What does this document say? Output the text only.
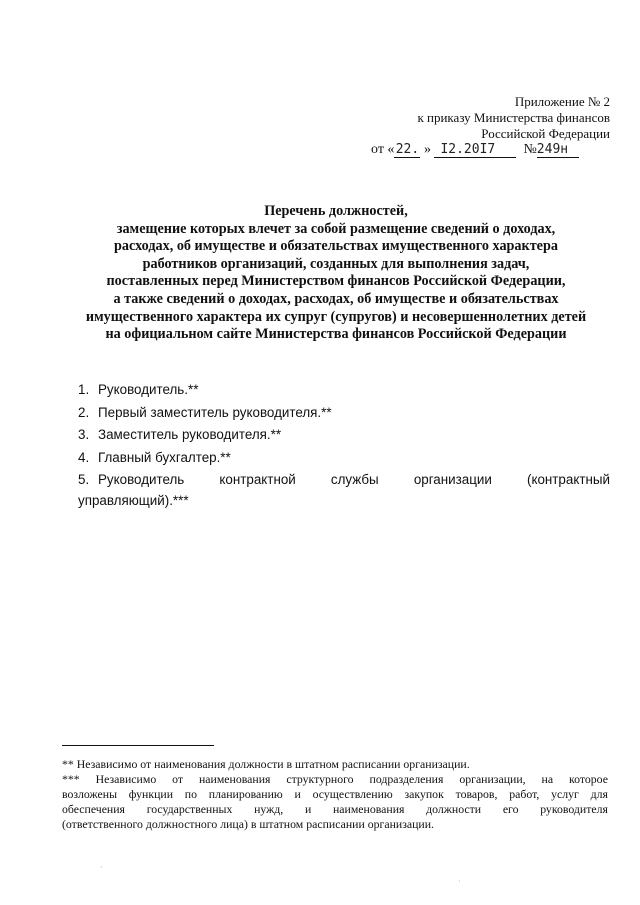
Приложение № 2
к приказу Министерства финансов
Российской Федерации
от «22. » I2.20I7 №249н
Перечень должностей,
замещение которых влечет за собой размещение сведений о доходах,
расходах, об имуществе и обязательствах имущественного характера
работников организаций, созданных для выполнения задач,
поставленных перед Министерством финансов Российской Федерации,
а также сведений о доходах, расходах, об имуществе и обязательствах
имущественного характера их супруг (супругов) и несовершеннолетних детей
на официальном сайте Министерства финансов Российской Федерации
1. Руководитель.**
2. Первый заместитель руководителя.**
3. Заместитель руководителя.**
4. Главный бухгалтер.**
5. Руководитель	контрактной	службы	организации	(контрактный
управляющий).***
** Независимо от наименования должности в штатном расписании организации.
*** Независимо от наименования структурного подразделения организации, на которое
возложены функции по планированию и осуществлению закупок товаров, работ, услуг для
обеспечения государственных нужд, и наименования должности его руководителя
(ответственного должностного лица) в штатном расписании организации.
·
·
